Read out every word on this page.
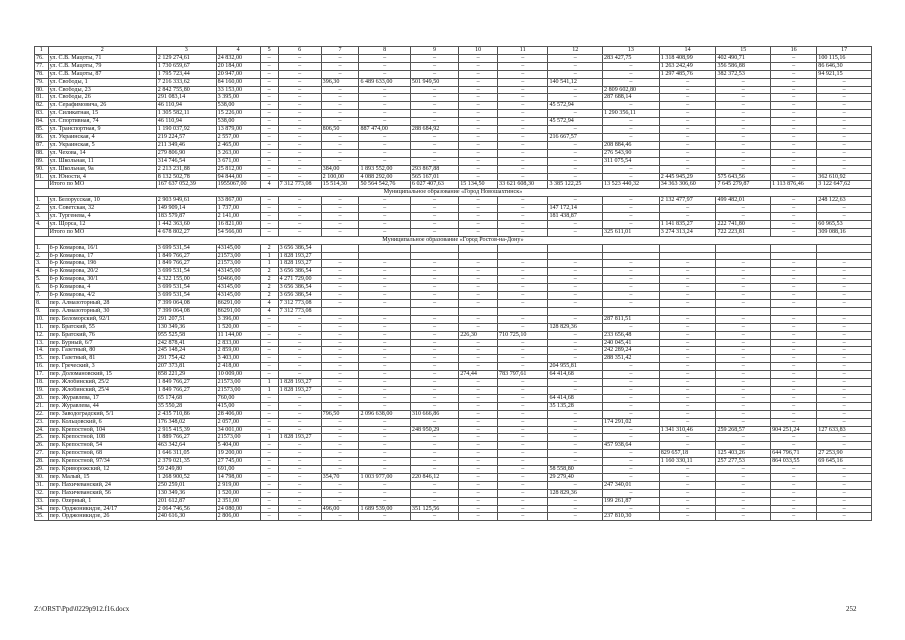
1	2	3	4	5	6	7	8	9	10	11	12	13	14	15	16	17
76.	ул. С.В. Мацоты, 71	2 129 274,61	24 832,00	–	–	–	–	–	–	–	–	283 427,75	1 318 408,99	402 490,71	–	100 115,16
77.	ул. С.В. Мацоты, 79	1 730 659,67	20 184,00	–	–	–	–	–	–	–	–	–	1 263 242,49	356 586,88	–	86 646,30
78.	ул. С.В. Мацоты, 87	1 795 723,44	20 947,00	–	–	–	–	–	–	–	–	–	1 297 485,76	382 372,53	–	94 921,15
79.	ул. Свободы, 1	7 216 333,62	84 160,00	–	–	396,30	6 489 633,00	501 949,50	–	–	140 541,12	–	–	–	–	–
80.	ул. Свободы, 23	2 842 755,80	33 153,00	–	–	–	–	–	–	–	–	2 809 602,80	–	–	–	–
81.	ул. Свободы, 26	291 083,14	3 395,00	–	–	–	–	–	–	–	–	287 688,14	–	–	–	–
82.	ул. Серафимовича, 26	46 110,94	538,00	–	–	–	–	–	–	–	45 572,94	–	–	–	–	–
83.	ул. Силикатная, 15	1 305 582,11	15 226,00	–	–	–	–	–	–	–	–	1 290 356,11	–	–	–	–
84.	ул. Спортивная, 74	46 110,94	538,00	–	–	–	–	–	–	–	45 572,94	–	–	–	–	–
85.	ул. Транспортная, 9	1 190 037,92	13 879,00	–	–	806,50	887 474,00	288 684,92	–	–	–	–	–	–	–	–
86.	ул. Украинская, 4	219 224,57	2 557,00	–	–	–	–	–	–	–	216 667,57	–	–	–	–	–
87.	ул. Украинская, 5	211 349,46	2 465,00	–	–	–	–	–	–	–	–	208 884,46	–	–	–	–
88.	ул. Чехова, 14	279 806,90	3 263,00	–	–	–	–	–	–	–	–	276 543,90	–	–	–	–
89.	ул. Школьная, 11	314 746,54	3 671,00	–	–	–	–	–	–	–	–	311 075,54	–	–	–	–
90.	ул. Школьная, 9а	2 213 231,88	25 812,00	–	–	384,00	1 893 552,00	293 867,88	–	–	–	–	–	–	–	–
91.	ул. Юности, 4	8 132 502,78	94 844,00	–	–	2 100,00	4 088 292,00	565 167,01	–	–	–	–	2 445 945,29	575 643,56	–	362 610,92
	Итого по МО	167 637 052,39	1955067,00	4	7 312 773,08	15 514,30	50 564 542,76	6 027 407,63	15 134,50	33 621 608,30	3 385 122,25	13 523 440,32	34 363 306,60	7 645 279,87	1 113 876,46	3 122 647,62
Муниципальное образование «Город Новошахтинск»																
1.	ул. Белорусская, 10	2 903 949,61	33 867,00	–	–	–	–	–	–	–	–	–	2 132 477,97	499 482,01	–	248 122,63
2.	ул. Советская, 32	149 909,14	1 737,00	–	–	–	–	–	–	–	147 172,14	–	–	–	–	–
3.	ул. Тургенева, 4	183 579,87	2 141,00	–	–	–	–	–	–	–	181 438,87	–	–	–	–	–
4.	ул. Щорса, 12	1 442 363,60	16 821,00	–	–	–	–	–	–	–	–	–	1 141 835,27	222 741,80	–	60 965,53
	Итого по МО	4 678 802,27	54 566,00	–	–	–	–	–	–	–	–	325 611,01	3 274 313,24	722 223,81	–	309 088,16
Муниципальное образование «Город Ростов-на-Дону»																
1.	б-р Комарова, 16/1	3 699 531,54	43145,00	2	3 656 386,54											
2.	б-р Комарова, 17	1 849 766,27	21573,00	1	1 828 193,27											
3.	б-р Комарова, 19б	1 849 766,27	21573,00	1	1 828 193,27	–	–	–	–	–	–	–	–	–	–	–
4.	б-р Комарова, 20/2	3 699 531,54	43145,00	2	3 656 386,54	–	–	–	–	–	–	–	–	–	–	–
5.	б-р Комарова, 30/1	4 322 155,00	50466,00	2	4 271 729,00	–	–	–	–	–	–	–	–	–	–	–
6.	б-р Комарова, 4	3 699 531,54	43145,00	2	3 656 386,54	–	–	–	–	–	–	–	–	–	–	–
7.	б-р Комарова, 4/2	3 699 531,54	43145,00	2	3 656 386,54	–	–	–	–	–	–	–	–	–	–	–
8.	пер. Алмазоторный, 28	7 399 064,08	86291,00	4	7 312 773,08	–	–	–	–	–	–	–	–	–	–	–
9.	пер. Алмазоторный, 30	7 399 064,08	86291,00	4	7 312 773,08											
10.	пер. Беломорский, 92/1	291 207,51	3 396,00	–	–	–	–	–	–	–	–	287 811,51	–	–	–	–
11.	пер. Братский, 55	130 349,36	1 520,00	–	–	–	–	–	–	–	128 829,36	–	–	–	–	–
12.	пер. Братский, 76	955 525,58	11 144,00	–	–	–	–	–	226,30	710 725,10	–	233 656,48	–	–	–	–
13.	пер. Бурный, 6/7	242 878,41	2 833,00	–	–	–	–	–	–	–	–	240 045,41	–	–	–	–
14.	пер. Газетный, 80	245 148,24	2 859,00	–	–	–	–	–	–	–	–	242 289,24	–	–	–	–
15.	пер. Газетный, 81	291 754,42	3 403,00	–	–	–	–	–	–	–	–	288 351,42	–	–	–	–
16.	пер. Греческий, 3	207 373,81	2 418,00	–	–	–	–	–	–	–	204 955,81	–	–	–	–	–
17.	пер. Доломановский, 15	858 221,29	10 009,00	–	–	–	–	–	274,44	783 797,61	64 414,68	–	–	–	–	–
18.	пер. Жлобинский, 25/2	1 849 766,27	21573,00	1	1 828 193,27	–	–	–	–	–	–	–	–	–	–	–
19.	пер. Жлобинский, 25/4	1 849 766,27	21573,00	1	1 828 193,27	–	–	–	–	–	–	–	–	–	–	–
20.	пер. Журавлева, 17	65 174,68	760,00	–	–	–	–	–	–	–	64 414,68	–	–	–	–	–
21.	пер. Журавлева, 44	35 550,28	415,00	–	–	–	–	–	–	–	35 135,28	–	–	–	–	–
22.	пер. Заводоградский, 5/1	2 435 710,86	28 406,00	–	–	796,50	2 096 638,00	310 666,86	–	–	–	–	–	–	–	–
23.	пер. Кольцовский, 6	176 348,02	2 057,00	–	–	–	–	–	–	–	–	174 291,02	–	–	–	–
24.	пер. Крепостной, 104	2 915 415,39	34 001,00	–	–	–	–	248 950,29	–	–	–	–	1 341 310,46	259 268,57	904 251,24	127 633,83
25.	пер. Крепостной, 108	1 889 766,27	21573,00	1	1 828 193,27	–	–	–	–	–	–	–	–	–	–	–
26.	пер. Крепостной, 54	463 342,64	5 404,00	–	–	–	–	–	–	–	–	457 938,64	–	–	–	–
27.	пер. Крепостной, 68	1 646 311,05	19 200,00	–	–	–	–	–	–	–	–	–	829 657,18	125 403,26	644 796,71	27 253,90
28.	пер. Крепостной, 97/34	2 379 021,35	27 745,00	–	–	–	–	–	–	–	–	–	1 160 330,11	257 277,53	864 033,55	69 645,16
29.	пер. Криворожский, 12	59 249,80	691,00	–	–	–	–	–	–	–	58 558,80	–	–	–	–	–
30.	пер. Малый, 15	1 268 900,52	14 798,00	–	–	354,70	1 003 977,00	220 846,12	–	–	29 279,40	–	–	–	–	–
31.	пер. Нахичеванский, 24	250 259,01	2 919,00	–	–	–	–	–	–	–	–	247 340,01	–	–	–	–
32.	пер. Нахичеванский, 56	130 349,36	1 520,00	–	–	–	–	–	–	–	128 829,36	–	–	–	–	–
33.	пер. Ozeрный, 1	201 612,87	2 351,00	–	–	–	–	–	–	–	–	199 261,87	–	–	–	–
34.	пер. Орджоникидзе, 24/17	2 064 746,56	24 080,00	–	–	496,00	1 689 539,00	351 125,56	–	–	–	–	–	–	–	–
35.	пер. Орджоникидзе, 26	240 616,30	2 806,00	–	–	–	–	–	–	–	–	237 810,30	–	–	–	–
Z:\ORST\Ppd\0229p912.f16.docx	252
